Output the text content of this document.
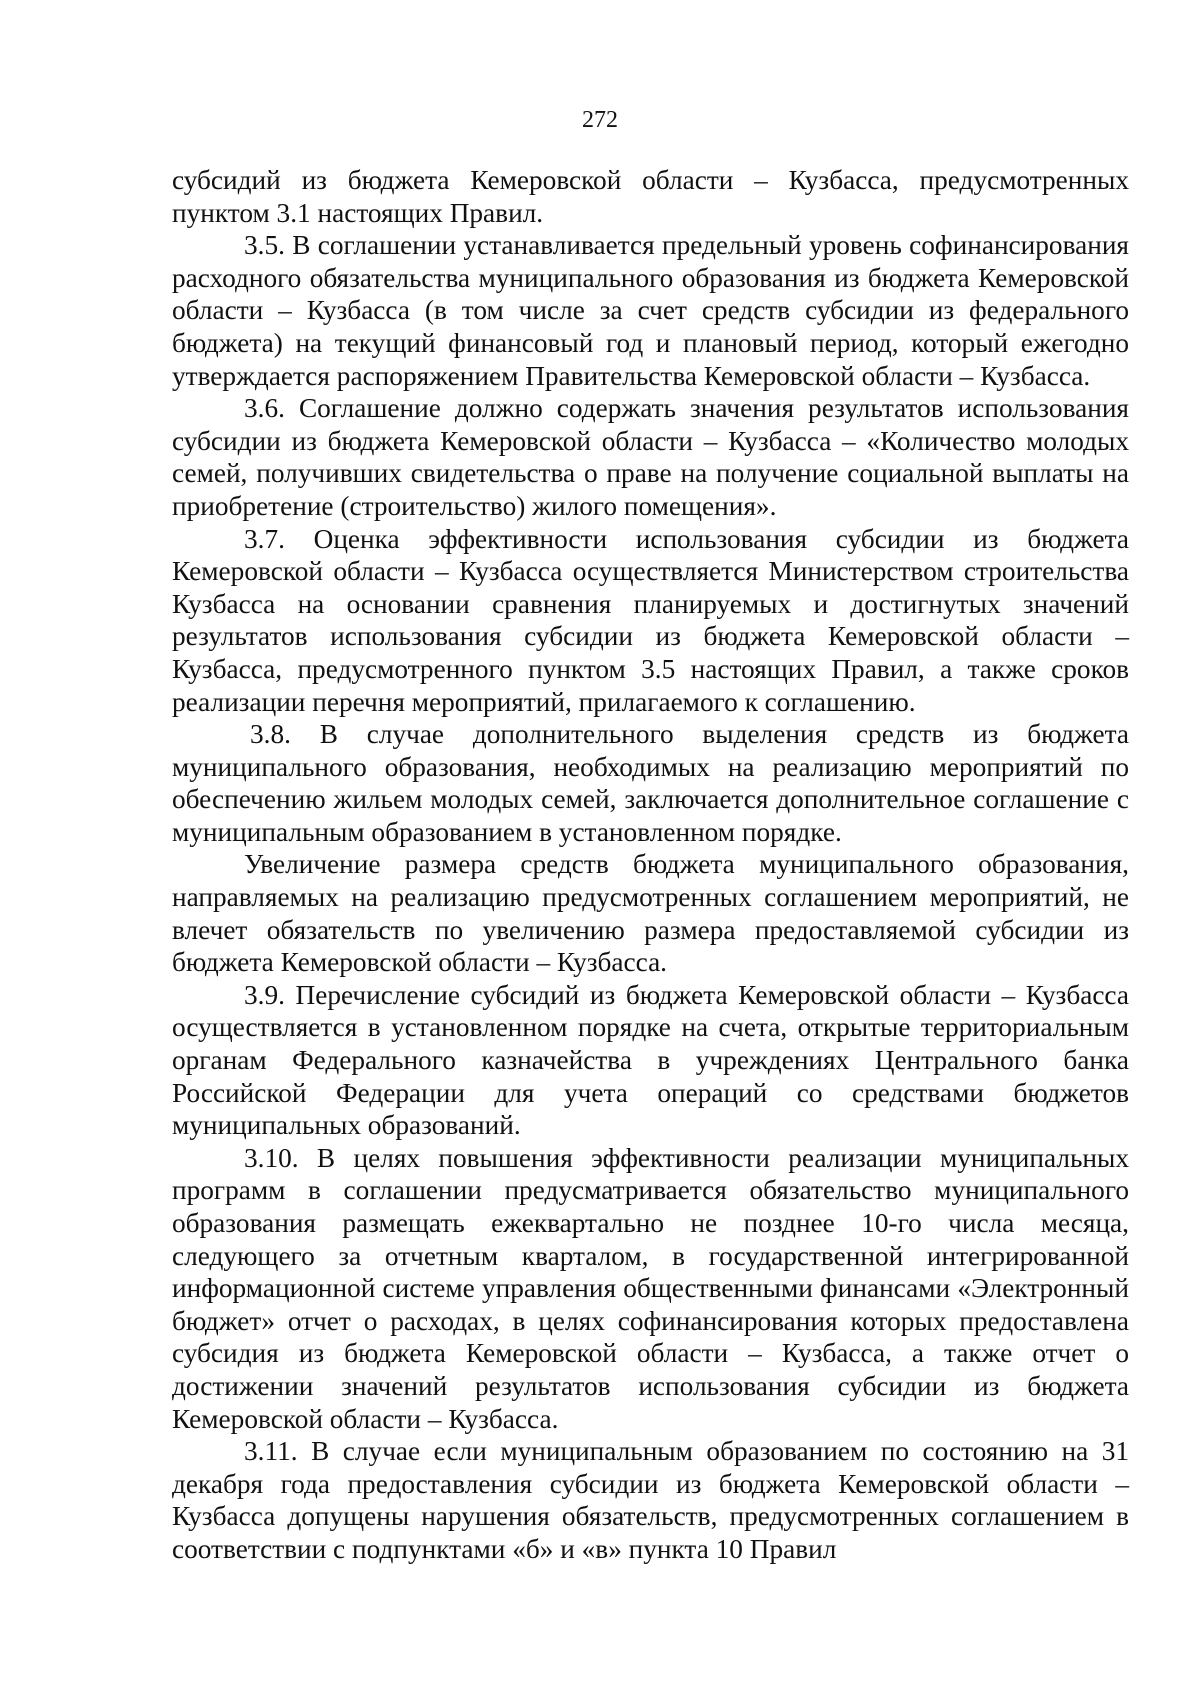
272

субсидий из бюджета Кемеровской области – Кузбасса, предусмотренных пунктом 3.1 настоящих Правил.

3.5. В соглашении устанавливается предельный уровень софинансирования расходного обязательства муниципального образования из бюджета Кемеровской области – Кузбасса (в том числе за счет средств субсидии из федерального бюджета) на текущий финансовый год и плановый период, который ежегодно утверждается распоряжением Правительства Кемеровской области – Кузбасса.

3.6. Соглашение должно содержать значения результатов использования субсидии из бюджета Кемеровской области – Кузбасса – «Количество молодых семей, получивших свидетельства о праве на получение социальной выплаты на приобретение (строительство) жилого помещения».

3.7. Оценка эффективности использования субсидии из бюджета Кемеровской области – Кузбасса осуществляется Министерством строительства Кузбасса на основании сравнения планируемых и достигнутых значений результатов использования субсидии из бюджета Кемеровской области – Кузбасса, предусмотренного пунктом 3.5 настоящих Правил, а также сроков реализации перечня мероприятий, прилагаемого к соглашению.

3.8. В случае дополнительного выделения средств из бюджета муниципального образования, необходимых на реализацию мероприятий по обеспечению жильем молодых семей, заключается дополнительное соглашение с муниципальным образованием в установленном порядке.

Увеличение размера средств бюджета муниципального образования, направляемых на реализацию предусмотренных соглашением мероприятий, не влечет обязательств по увеличению размера предоставляемой субсидии из бюджета Кемеровской области – Кузбасса.

3.9. Перечисление субсидий из бюджета Кемеровской области – Кузбасса осуществляется в установленном порядке на счета, открытые территориальным органам Федерального казначейства в учреждениях Центрального банка Российской Федерации для учета операций со средствами бюджетов муниципальных образований.

3.10. В целях повышения эффективности реализации муниципальных программ в соглашении предусматривается обязательство муниципального образования размещать ежеквартально не позднее 10-го числа месяца, следующего за отчетным кварталом, в государственной интегрированной информационной системе управления общественными финансами «Электронный бюджет» отчет о расходах, в целях софинансирования которых предоставлена субсидия из бюджета Кемеровской области – Кузбасса, а также отчет о достижении значений результатов использования субсидии из бюджета Кемеровской области – Кузбасса.

3.11. В случае если муниципальным образованием по состоянию на 31 декабря года предоставления субсидии из бюджета Кемеровской области – Кузбасса допущены нарушения обязательств, предусмотренных соглашением в соответствии с подпунктами «б» и «в» пункта 10 Правил
